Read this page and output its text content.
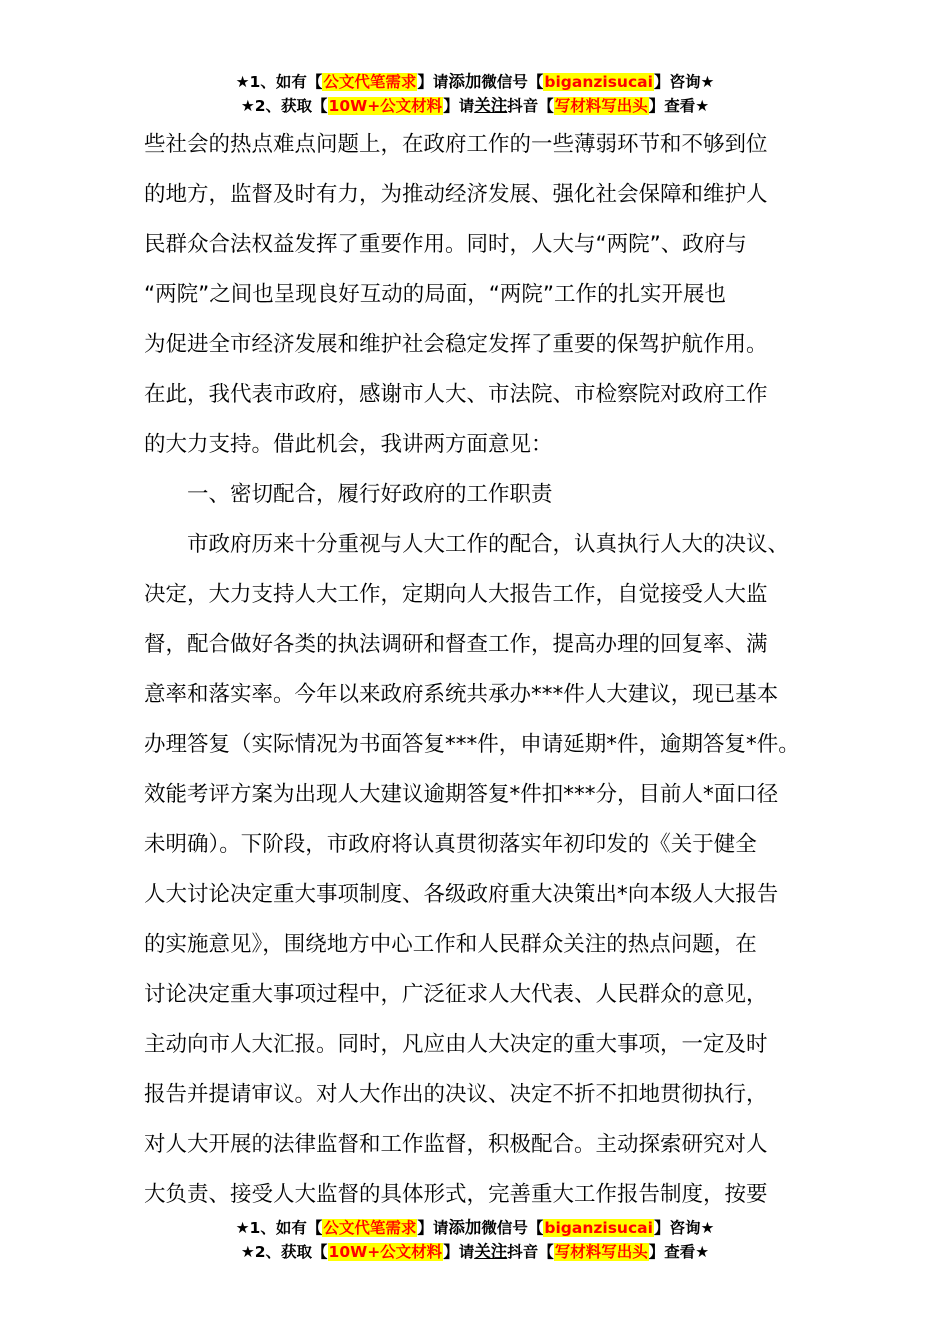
★1、如有【公文代笔需求】请添加微信号【biganzisucai】咨询★
★2、获取【10W+公文材料】请关注抖音【写材料写出头】查看★
些社会的热点难点问题上，在政府工作的一些薄弱环节和不够到位
的地方，监督及时有力，为推动经济发展、强化社会保障和维护人
民群众合法权益发挥了重要作用。同时，人大与“两院”、政府与
“两院”之间也呈现良好互动的局面，“两院”工作的扎实开展也
为促进全市经济发展和维护社会稳定发挥了重要的保驾护航作用。
在此，我代表市政府，感谢市人大、市法院、市检察院对政府工作
的大力支持。借此机会，我讲两方面意见：
一、密切配合，履行好政府的工作职责
市政府历来十分重视与人大工作的配合，认真执行人大的决议、
决定，大力支持人大工作，定期向人大报告工作，自觉接受人大监
督，配合做好各类的执法调研和督查工作，提高办理的回复率、满
意率和落实率。今年以来政府系统共承办***件人大建议，现已基本
办理答复（实际情况为书面答复***件，申请延期*件，逾期答复*件。
效能考评方案为出现人大建议逾期答复*件扣***分，目前人*面口径
未明确）。下阶段，市政府将认真贯彻落实年初印发的《关于健全
人大讨论决定重大事项制度、各级政府重大决策出*向本级人大报告
的实施意见》，围绕地方中心工作和人民群众关注的热点问题，在
讨论决定重大事项过程中，广泛征求人大代表、人民群众的意见，
主动向市人大汇报。同时，凡应由人大决定的重大事项，一定及时
报告并提请审议。对人大作出的决议、决定不折不扣地贯彻执行，
对人大开展的法律监督和工作监督，积极配合。主动探索研究对人
大负责、接受人大监督的具体形式，完善重大工作报告制度，按要
★1、如有【公文代笔需求】请添加微信号【biganzisucai】咨询★
★2、获取【10W+公文材料】请关注抖音【写材料写出头】查看★
